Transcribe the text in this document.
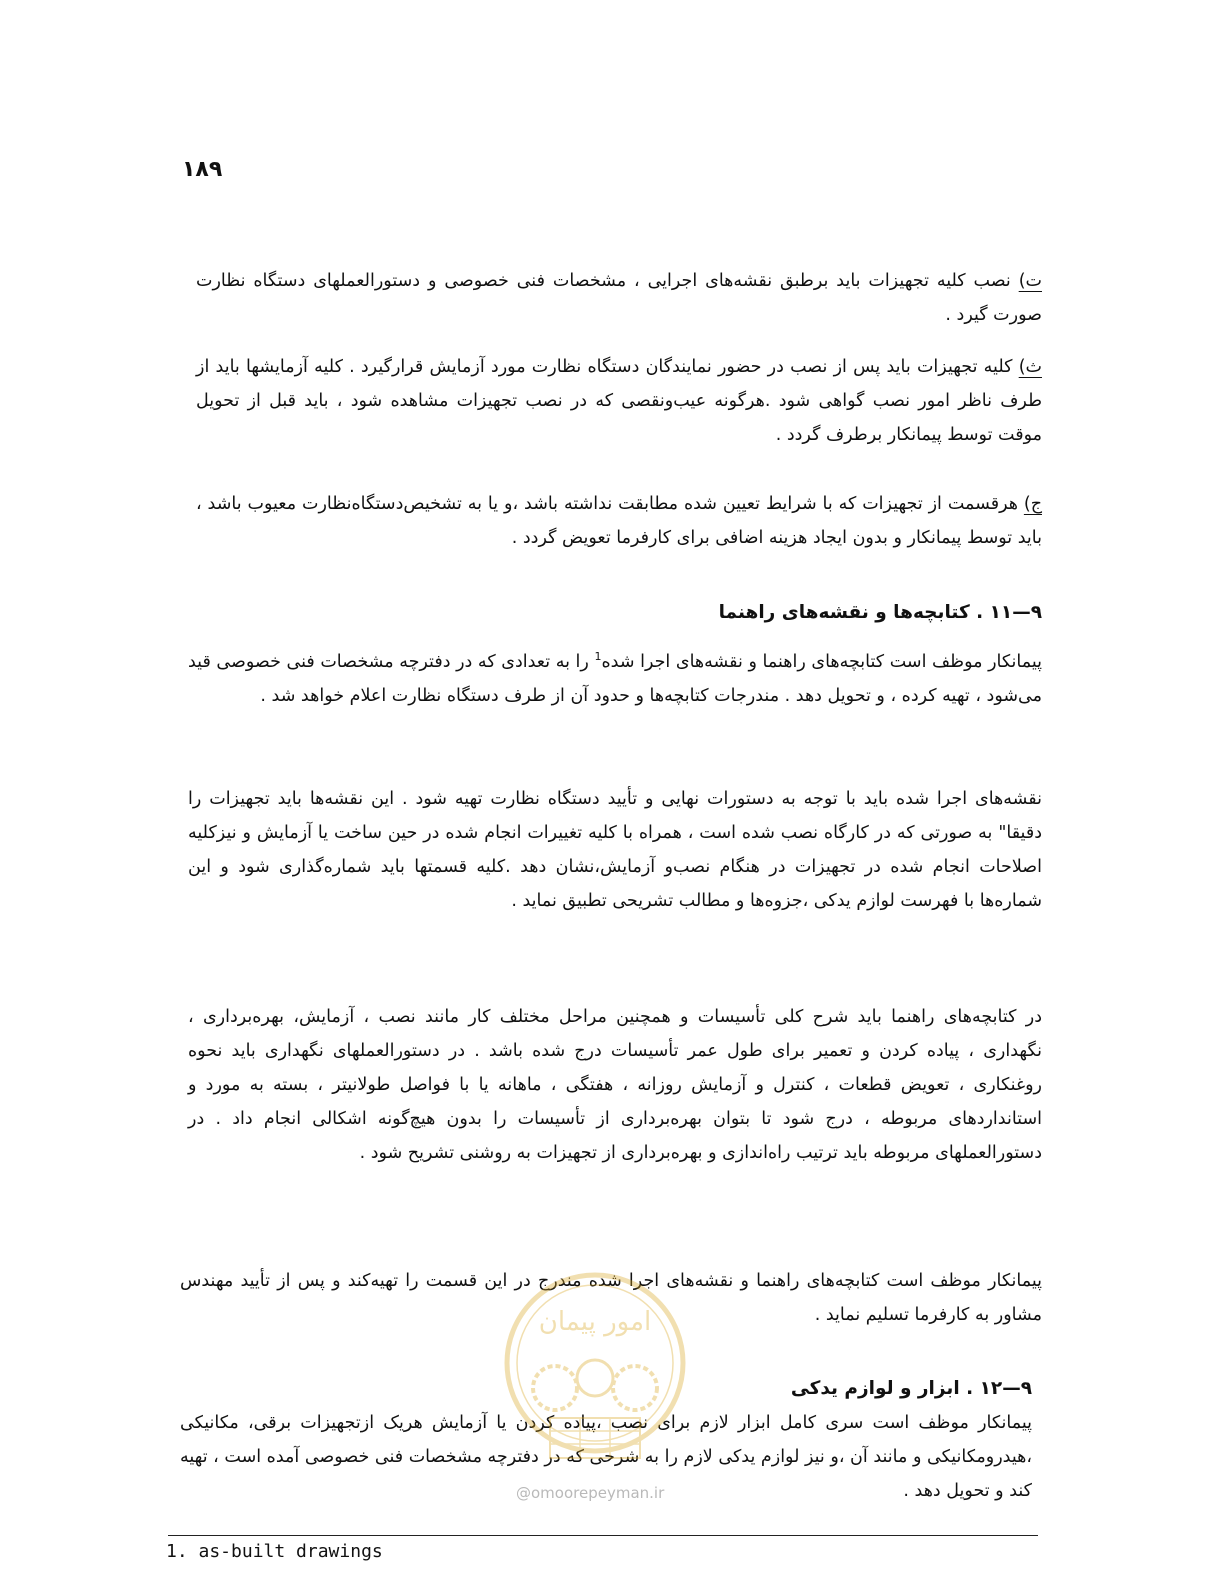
۱۸۹

ت) نصب کلیه تجهیزات باید برطبق نقشه‌های اجرایی ، مشخصات فنی خصوصی و دستورالعملهای دستگاه نظارت صورت گیرد .

ث) کلیه تجهیزات باید پس از نصب در حضور نمایندگان دستگاه نظارت مورد آزمایش قرارگیرد . کلیه آزمایشها باید از طرف ناظر امور نصب گواهی شود .هرگونه عیب‌ونقصی که در نصب تجهیزات مشاهده شود ، باید قبل از تحویل موقت توسط پیمانکار برطرف گردد .

ج) هرقسمت از تجهیزات که با شرایط تعیین شده مطابقت نداشته باشد ،و یا به تشخیص‌دستگاه‌نظارت معیوب باشد ، باید توسط پیمانکار و بدون ایجاد هزینه اضافی برای کارفرما تعویض گردد .

۹—۱۱ . کتابچه‌ها و نقشه‌های راهنما

پیمانکار موظف است کتابچه‌های راهنما و نقشه‌های اجرا شده$^1$ را به تعدادی که در دفترچه مشخصات فنی خصوصی قید می‌شود ، تهیه کرده ، و تحویل دهد . مندرجات کتابچه‌ها و حدود آن از طرف دستگاه نظارت اعلام خواهد شد .

نقشه‌های اجرا شده باید با توجه به دستورات نهایی و تأیید دستگاه نظارت تهیه شود . این نقشه‌ها باید تجهیزات را دقیقا" به صورتی که در کارگاه نصب شده است ، همراه با کلیه تغییرات انجام شده در حین ساخت یا آزمایش و نیزکلیه اصلاحات انجام شده در تجهیزات در هنگام نصب‌و آزمایش،نشان دهد .کلیه قسمتها باید شماره‌گذاری شود و این شماره‌ها با فهرست لوازم یدکی ،جزوه‌ها و مطالب تشریحی تطبیق نماید .

در کتابچه‌های راهنما باید شرح کلی تأسیسات و همچنین مراحل مختلف کار مانند نصب ، آزمایش، بهره‌برداری ، نگهداری ، پیاده کردن و تعمیر برای طول عمر تأسیسات درج شده باشد . در دستورالعملهای نگهداری باید نحوه روغنکاری ، تعویض قطعات ، کنترل و آزمایش روزانه ، هفتگی ، ماهانه یا با فواصل طولانیتر ، بسته به مورد و استانداردهای مربوطه ، درج شود تا بتوان بهره‌برداری از تأسیسات را بدون هیچ‌گونه اشکالی انجام داد . در دستورالعملهای مربوطه باید ترتیب راه‌اندازی و بهره‌برداری از تجهیزات به روشنی تشریح شود .

پیمانکار موظف است کتابچه‌های راهنما و نقشه‌های اجرا شده مندرج در این قسمت را تهیه‌کند و پس از تأیید مهندس مشاور به کارفرما تسلیم نماید .

۹—۱۲ . ابزار و لوازم یدکی

پیمانکار موظف است سری کامل ابزار لازم برای نصب ،پیاده کردن یا آزمایش هریک ازتجهیزات برقی، مکانیکی ،هیدرومکانیکی و مانند آن ،و نیز لوازم یدکی لازم را به شرحی که در دفترچه مشخصات فنی خصوصی آمده است ، تهیه کند و تحویل دهد .

امور پیمان
@omoorepeyman.ir
1. as-built drawings
